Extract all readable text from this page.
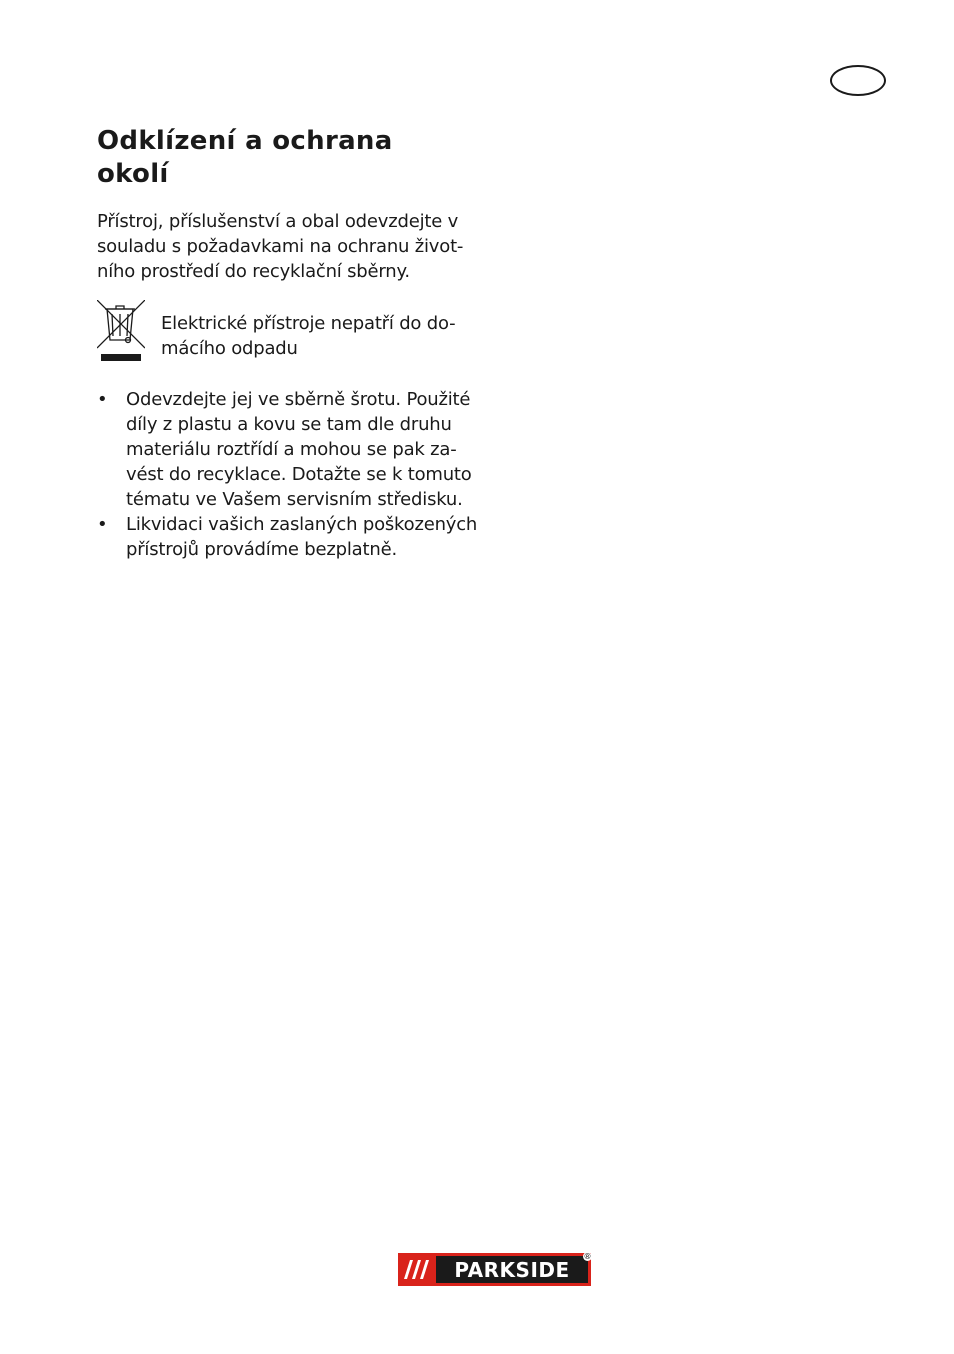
Odklízení a ochrana
okolí

Přístroj, příslušenství a obal odevzdejte v
souladu s požadavkami na ochranu život-
ního prostředí do recyklační sběrny.

Elektrické přístroje nepatří do do-
mácího odpadu
• Odevzdejte jej ve sběrně šrotu. Použité
díly z plastu a kovu se tam dle druhu
materiálu roztřídí a mohou se pak za-
vést do recyklace. Dotažte se k tomuto
tématu ve Vašem servisním středisku.
• Likvidaci vašich zaslaných poškozených
přístrojů provádíme bezplatně.
PARKSIDE
®
